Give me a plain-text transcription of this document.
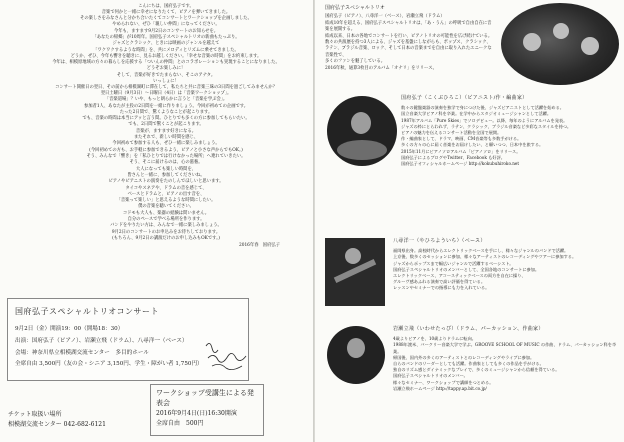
こんにちは、国府弘子です。
音楽で何かと一緒に幸せになりたくて、ピアノを弾いてきました。
その楽しさをみなさんと分かち合いたくてコンサートとワークショップを企画しました。
やめられない、ぜひ「親しい仲間」になってください。

今年も、ますます9月2日のコンサートのお知らせを。
「あなたの帰郷」が10周年。国府弘子スペシャルトリオの新曲もたっぷり。
ジャズとクラシック、ときには映画のジャンルを越えて
「ワクワクするような時間」を、共にメロディとリズムに乗せてきました。
どうか、ぜひ、今年も響きを聴きに、見るお越しください。「幸せな音楽の時間」をお約束します。
今年は、相模原地域の方々の暮らしを応援する「ついんの仲間」とのコラボレーションも実現することになりました。
どうぞお楽しみに！

そして、音楽が好きでたまらない、そこのアナタ。
いっしょに！
コンサート開催日の翌日、その前から相模湖町に滞在して、私たちと共に音楽三昧の3日間を過ごしてみませんか？
翌日土曜日（9月3日）～日曜日（4日）は「音楽ワークショップ」。
「音楽道場」？いや、もっと朗らかに言うと「音楽を学ぶ会」。
参加者1人、あなたが主役の2日間を一緒に作りましょう。今回が初めての企画です。

たった2日間で、驚くようなことが起こります。
でも、音楽の時間は本当にアッと言う間。ひとりでも多くの方に参加してもらいたい。
でも、2日間で驚くことが起こります。

音楽が、ますます好きになる。
またそれで、新しい時間を感じ、
今回初めて参加する人も、ぜひ一緒に楽しみましょう。
(今回初めての方も、お手軽に参加できるよう、ピアノと小さな声からでもOK。)

そう、みんなで「響き」を「私ひとりでは行けなかった場所」へ連れていきたい。
そう、そこに届けるのは、心の滋養。
大人になっても楽しい時間を、
皆さんと一緒に、参加してくださいね。

ピアノやピアニストの演奏をたのしんでほしいと思います。
タイコやスネアや、ドラムの音を感じて、
ベースとドラムと、ピアノの出す音を、
「音楽って楽しい」と思えるような時間にしたい。
僕の音楽を聴いてください。

コドモも大人も、楽器の経験は問いません。
自分のペースで学べる場所を作ります。
バンドをやりたい方は、みんなで一緒に楽しみましょう。

9月2日のコンサートのお申込みをお待ちしております。
(もちろん、9月2日の講演だけのお申し込みもOKです。)

2016年春　国府弘子

国府弘子スペシャルトリオコンサート
9月2日（金）開演19：00（開場18：30）
出演：国府弘子（ピアノ）、岩瀬立飛（ドラム）、八尋洋一（ベース）
会場：神奈川県立相模湖交流センター　多目的ホール
全席自由 3,500円（友の会・シニア 3,150円、学生・障がい者 1,750円）
チケット取扱い場所
相模湖交流センター 042-682-6121
ワークショップ受講生による発表会
2016年9月4日(日)16:30開演
全席自由　500円
国府弘子スペシャルトリオ
国府弘子（ピアノ）、八尋洋一（ベース）、岩瀬立飛（ドラム）
結成10年を超える、国府弘子スペシャルトリオは、「あ・うん」の呼吸で自由自在に音楽を展開する。
結成以来、日本の各地でコンサートを行い、ピアノトリオの可能性を広げ続けている。
数々の共演歴を持つ3人による、ジャズを基盤にしながらも、ポップス、クラシック、
ラテン、ブラジル音楽、ロック、そして日本の音楽までを自由に取り入れたユニークな音楽性で、
多くのファンを魅了している。
2016年秋、通算3枚目のアルバム「オナリ」をリリース。
国府弘子（こくぶひろこ）（ピアニスト/作・編曲家）

数々の鍵盤楽器の演奏を独学で身につけた後、ジャズピアニストとして活躍を始める。
国立音楽大学ピアノ科を卒業。在学中からスタジオミュージシャンとして活躍。
1987年アルバム「Pure Skies」でソロデビュー。以降、毎年のようにアルバムを発表。
ジャズの枠にとらわれず、ラテン、クラシック、ブラジル音楽など多彩なスタイルを持つ。
ピアノの魅力を伝えるコンサート活動を全国で展開。
作・編曲家として、ドラマ、映画、CM音楽等も多数手がける。
多くの方々の心に届く音楽をお届けしたい、と願いつつ、日本中を旅する。
2015年11月にピアノソロアルバム「ピアノソロ」をリリース。

国府弘子によるブログやTwitter、Facebook も好評。

国府弘子オフィシャルホームページ http://kokubuhiroko.net

八尋洋一（やひろよういち）（ベース）

福岡県出身。高校時代からエレクトリックベースを手にし、様々なジャンルのバンドで活躍。
上京後、数多くのセッションに参加、様々なアーティストのレコーディングやツアーに参加する。
ジャズからポップスまで幅広いジャンルで活躍するベーシスト。
国府弘子スペシャルトリオのメンバーとして、全国各地のコンサートに参加。
エレクトリックベース、アコースティックベースの両方を自在に操り、
グルーヴ感あふれる演奏で高い評価を得ている。
レッスンやセミナーでの指導にも力を入れている。

岩瀬立飛（いわせたっぴ）（ドラム、パーカッション、作曲家）

4歳よりピアノを、10歳よりドラムに転向。
1988年渡米、バークリー音楽大学で学ぶ。GROOVE SCHOOL OF MUSIC の作曲、ドラム、パーカッション科を卒業。
帰国後、国内外の多くのアーティストとのレコーディングやライブに参加。
自らのバンドのリーダーとしても活躍。作曲家としても多くの作品を手がける。
独自のリズム感とダイナミックなプレイで、多くのミュージシャンから信頼を得ている。
国府弘子スペシャルトリオのメンバー。
様々なセミナー、ワークショップで講師をつとめる。

岩瀬立飛ホームページ http://tappy.ap.bit.co.jp/
